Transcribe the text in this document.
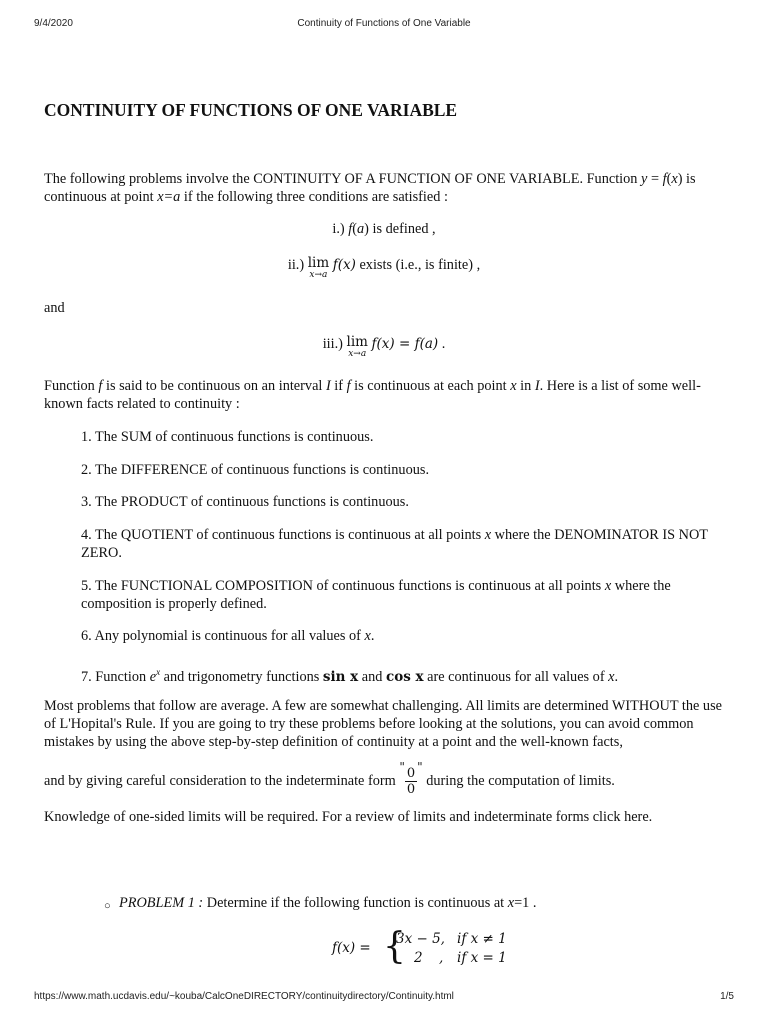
9/4/2020	Continuity of Functions of One Variable
CONTINUITY OF FUNCTIONS OF ONE VARIABLE
The following problems involve the CONTINUITY OF A FUNCTION OF ONE VARIABLE. Function y = f(x) is continuous at point x=a if the following three conditions are satisfied :
i.) f(a) is defined ,
ii.) lim
x→a
f(x) exists (i.e., is finite) ,
and
iii.) lim
x→a
f(x) = f(a) .
Function f is said to be continuous on an interval I if f is continuous at each point x in I. Here is a list of some well-known facts related to continuity :
1. The SUM of continuous functions is continuous.
2. The DIFFERENCE of continuous functions is continuous.
3. The PRODUCT of continuous functions is continuous.
4. The QUOTIENT of continuous functions is continuous at all points x where the DENOMINATOR IS NOT ZERO.
5. The FUNCTIONAL COMPOSITION of continuous functions is continuous at all points x where the composition is properly defined.
6. Any polynomial is continuous for all values of x.
7. Function $e^x$ and trigonometry functions sin x and cos x are continuous for all values of x.
Most problems that follow are average. A few are somewhat challenging. All limits are determined WITHOUT the use of L'Hopital's Rule. If you are going to try these problems before looking at the solutions, you can avoid common mistakes by using the above step-by-step definition of continuity at a point and the well-known facts,
and by giving careful consideration to the indeterminate form $^" \frac{0}{0} ^"$ during the computation of limits.
Knowledge of one-sided limits will be required. For a review of limits and indeterminate forms click here.
○ PROBLEM 1 : Determine if the following function is continuous at x=1 .
f(x) = {
3x − 5, if x ≠ 1
2 , if x = 1
https://www.math.ucdavis.edu/~kouba/CalcOneDIRECTORY/continuitydirectory/Continuity.html	1/5
